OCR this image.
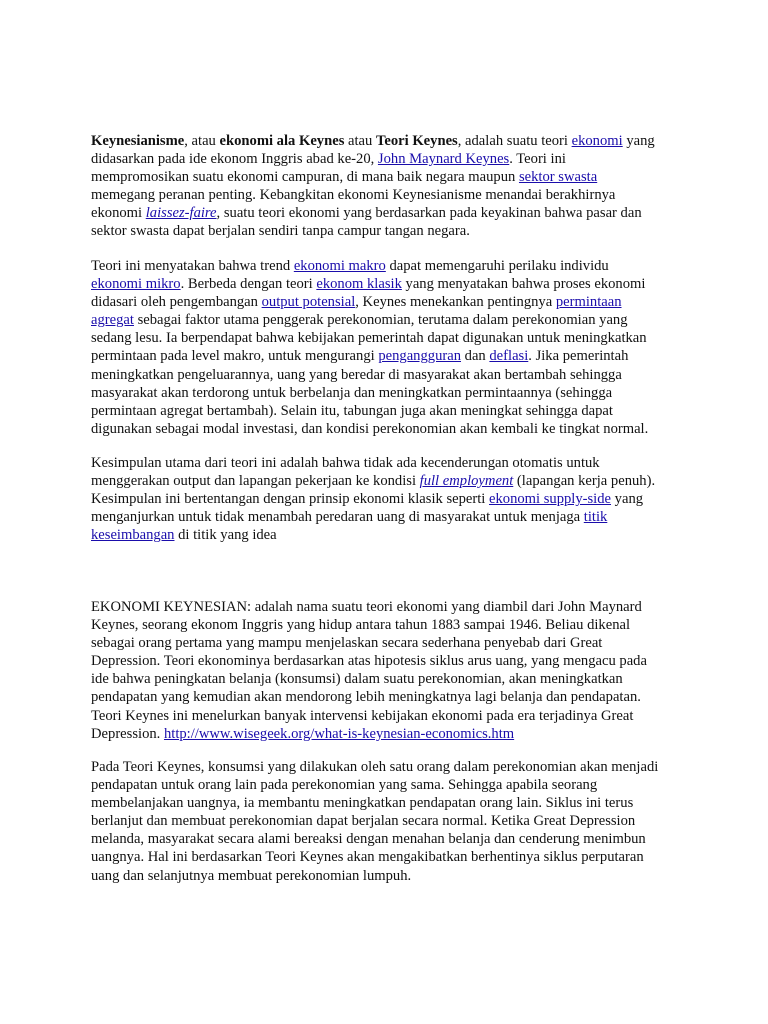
Keynesianisme, atau ekonomi ala Keynes atau Teori Keynes, adalah suatu teori ekonomi yang
didasarkan pada ide ekonom Inggris abad ke-20, John Maynard Keynes. Teori ini
mempromosikan suatu ekonomi campuran, di mana baik negara maupun sektor swasta
memegang peranan penting. Kebangkitan ekonomi Keynesianisme menandai berakhirnya
ekonomi laissez-faire, suatu teori ekonomi yang berdasarkan pada keyakinan bahwa pasar dan
sektor swasta dapat berjalan sendiri tanpa campur tangan negara.

Teori ini menyatakan bahwa trend ekonomi makro dapat memengaruhi perilaku individu
ekonomi mikro. Berbeda dengan teori ekonom klasik yang menyatakan bahwa proses ekonomi
didasari oleh pengembangan output potensial, Keynes menekankan pentingnya permintaan
agregat sebagai faktor utama penggerak perekonomian, terutama dalam perekonomian yang
sedang lesu. Ia berpendapat bahwa kebijakan pemerintah dapat digunakan untuk meningkatkan
permintaan pada level makro, untuk mengurangi pengangguran dan deflasi. Jika pemerintah
meningkatkan pengeluarannya, uang yang beredar di masyarakat akan bertambah sehingga
masyarakat akan terdorong untuk berbelanja dan meningkatkan permintaannya (sehingga
permintaan agregat bertambah). Selain itu, tabungan juga akan meningkat sehingga dapat
digunakan sebagai modal investasi, dan kondisi perekonomian akan kembali ke tingkat normal.

Kesimpulan utama dari teori ini adalah bahwa tidak ada kecenderungan otomatis untuk
menggerakan output dan lapangan pekerjaan ke kondisi full employment (lapangan kerja penuh).
Kesimpulan ini bertentangan dengan prinsip ekonomi klasik seperti ekonomi supply-side yang
menganjurkan untuk tidak menambah peredaran uang di masyarakat untuk menjaga titik
keseimbangan di titik yang idea

EKONOMI KEYNESIAN: adalah nama suatu teori ekonomi yang diambil dari John Maynard
Keynes, seorang ekonom Inggris yang hidup antara tahun 1883 sampai 1946. Beliau dikenal
sebagai orang pertama yang mampu menjelaskan secara sederhana penyebab dari Great
Depression. Teori ekonominya berdasarkan atas hipotesis siklus arus uang, yang mengacu pada
ide bahwa peningkatan belanja (konsumsi) dalam suatu perekonomian, akan meningkatkan
pendapatan yang kemudian akan mendorong lebih meningkatnya lagi belanja dan pendapatan.
Teori Keynes ini menelurkan banyak intervensi kebijakan ekonomi pada era terjadinya Great
Depression. http://www.wisegeek.org/what-is-keynesian-economics.htm

Pada Teori Keynes, konsumsi yang dilakukan oleh satu orang dalam perekonomian akan menjadi
pendapatan untuk orang lain pada perekonomian yang sama. Sehingga apabila seorang
membelanjakan uangnya, ia membantu meningkatkan pendapatan orang lain. Siklus ini terus
berlanjut dan membuat perekonomian dapat berjalan secara normal. Ketika Great Depression
melanda, masyarakat secara alami bereaksi dengan menahan belanja dan cenderung menimbun
uangnya. Hal ini berdasarkan Teori Keynes akan mengakibatkan berhentinya siklus perputaran
uang dan selanjutnya membuat perekonomian lumpuh.
